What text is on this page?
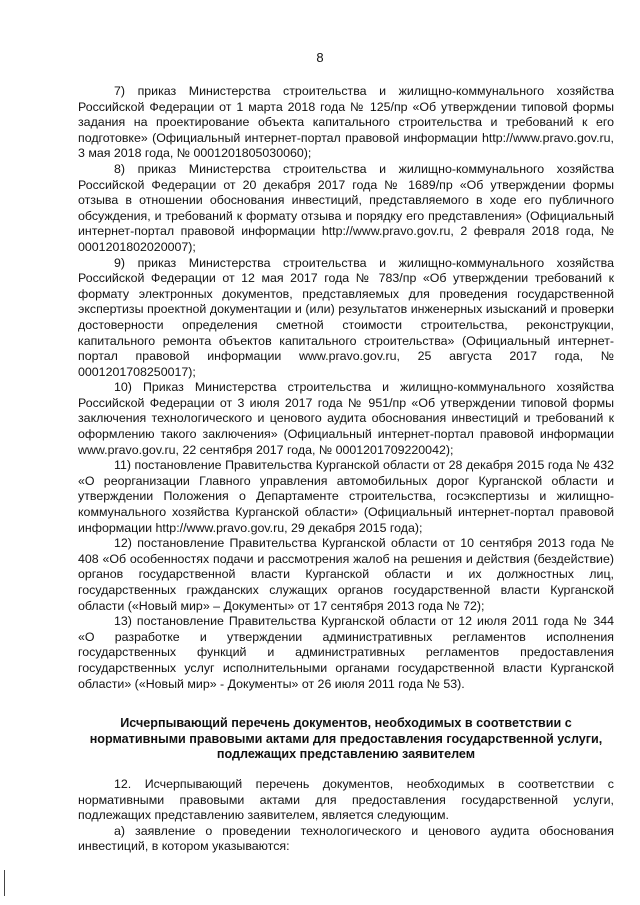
8

7) приказ Министерства строительства и жилищно-коммунального хозяйства Российской Федерации от 1 марта 2018 года № 125/пр «Об утверждении типовой формы задания на проектирование объекта капитального строительства и требований к его подготовке» (Официальный интернет-портал правовой информации http://www.pravo.gov.ru, 3 мая 2018 года, № 0001201805030060);

8) приказ Министерства строительства и жилищно-коммунального хозяйства Российской Федерации от 20 декабря 2017 года № 1689/пр «Об утверждении формы отзыва в отношении обоснования инвестиций, представляемого в ходе его публичного обсуждения, и требований к формату отзыва и порядку его представления» (Официальный интернет-портал правовой информации http://www.pravo.gov.ru, 2 февраля 2018 года, № 0001201802020007);

9) приказ Министерства строительства и жилищно-коммунального хозяйства Российской Федерации от 12 мая 2017 года № 783/пр «Об утверждении требований к формату электронных документов, представляемых для проведения государственной экспертизы проектной документации и (или) результатов инженерных изысканий и проверки достоверности определения сметной стоимости строительства, реконструкции, капитального ремонта объектов капитального строительства» (Официальный интернет-портал правовой информации www.pravo.gov.ru, 25 августа 2017 года, № 0001201708250017);

10) Приказ Министерства строительства и жилищно-коммунального хозяйства Российской Федерации от 3 июля 2017 года № 951/пр «Об утверждении типовой формы заключения технологического и ценового аудита обоснования инвестиций и требований к оформлению такого заключения» (Официальный интернет-портал правовой информации www.pravo.gov.ru, 22 сентября 2017 года, № 0001201709220042);

11) постановление Правительства Курганской области от 28 декабря 2015 года № 432 «О реорганизации Главного управления автомобильных дорог Курганской области и утверждении Положения о Департаменте строительства, госэкспертизы и жилищно-коммунального хозяйства Курганской области» (Официальный интернет-портал правовой информации http://www.pravo.gov.ru, 29 декабря 2015 года);

12) постановление Правительства Курганской области от 10 сентября 2013 года № 408 «Об особенностях подачи и рассмотрения жалоб на решения и действия (бездействие) органов государственной власти Курганской области и их должностных лиц, государственных гражданских служащих органов государственной власти Курганской области («Новый мир» – Документы» от 17 сентября 2013 года № 72);

13) постановление Правительства Курганской области от 12 июля 2011 года № 344 «О разработке и утверждении административных регламентов исполнения государственных функций и административных регламентов предоставления государственных услуг исполнительными органами государственной власти Курганской области» («Новый мир» - Документы» от 26 июля 2011 года № 53).

Исчерпывающий перечень документов, необходимых в соответствии с нормативными правовыми актами для предоставления государственной услуги, подлежащих представлению заявителем

12. Исчерпывающий перечень документов, необходимых в соответствии с нормативными правовыми актами для предоставления государственной услуги, подлежащих представлению заявителем, является следующим.

а) заявление о проведении технологического и ценового аудита обоснования инвестиций, в котором указываются:
